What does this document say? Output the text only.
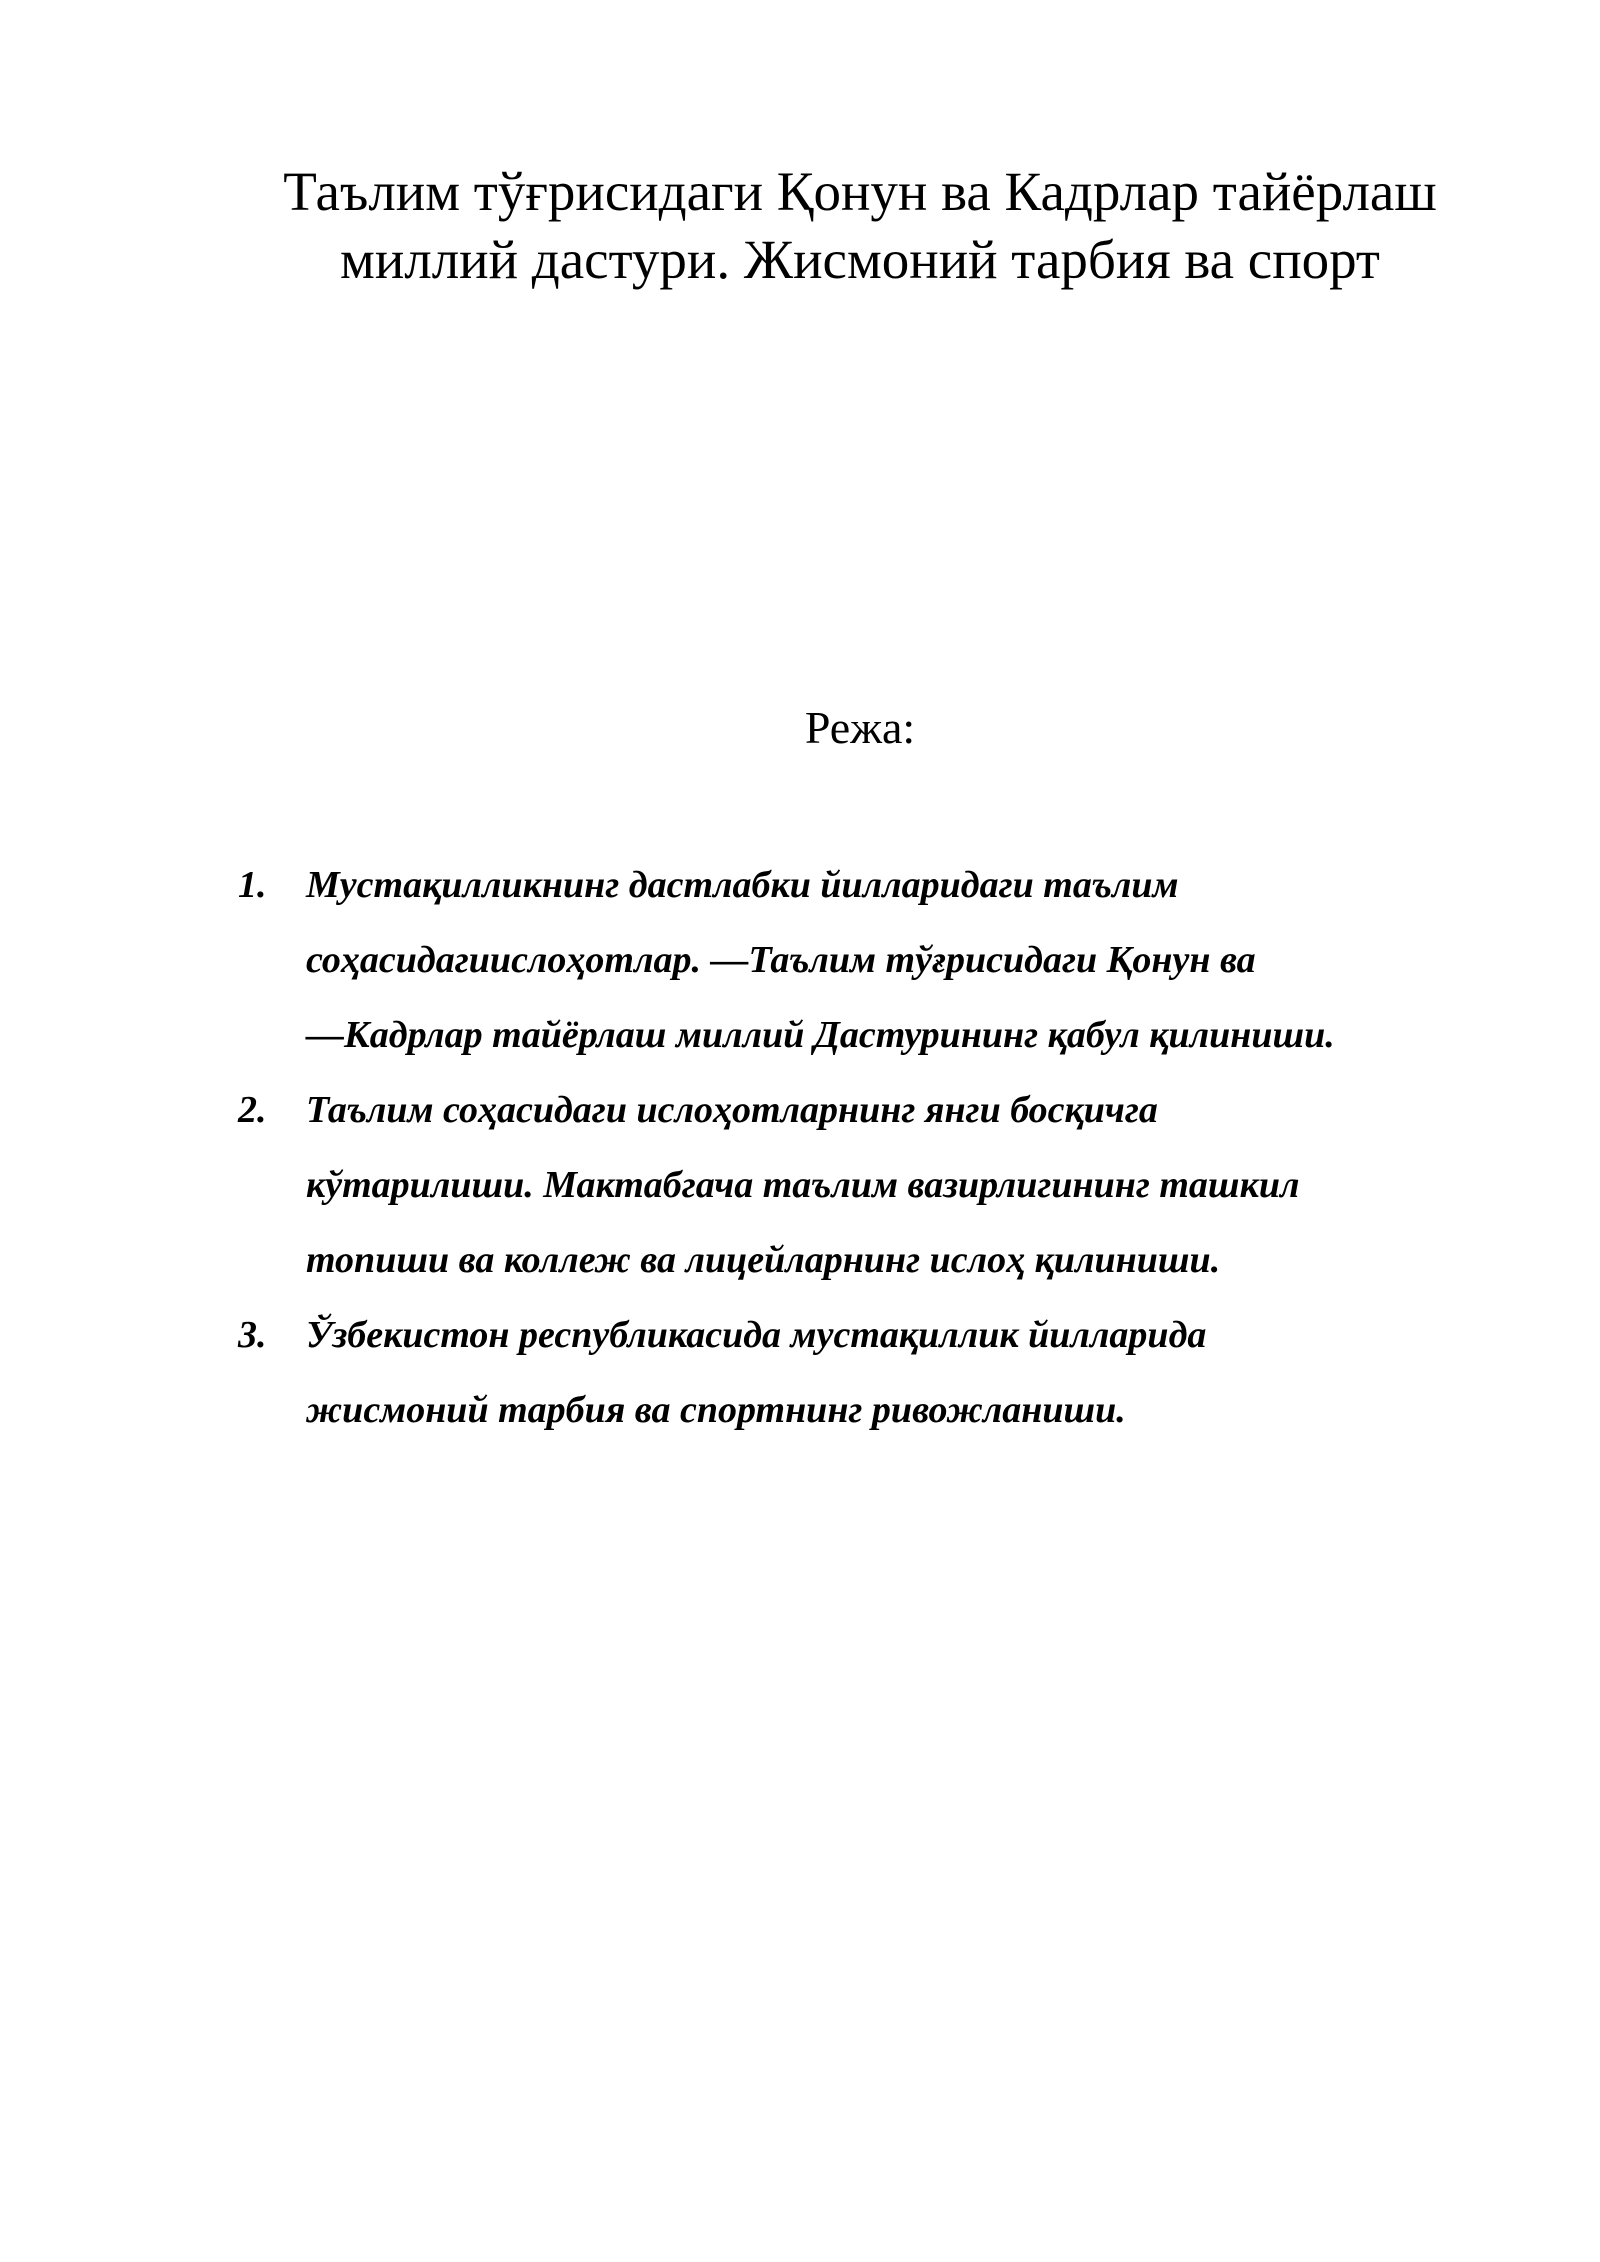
Таълим тўғрисидаги Қонун ва Кадрлар тайёрлаш
миллий дастури. Жисмоний тарбия ва спорт
Режа:
1. Мустақилликнинг дастлабки йилларидаги таълим
соҳасидагиислоҳотлар. ―Таълим тўғрисидаги Қонун ва
―Кадрлар тайёрлаш миллий Дастурининг қабул қилиниши.
2. Таълим соҳасидаги ислоҳотларнинг янги босқичга
кўтарилиши. Мактабгача таълим вазирлигининг ташкил
топиши ва коллеж ва лицейларнинг ислоҳ қилиниши.
3. Ўзбекистон республикасида мустақиллик йилларида
жисмоний тарбия ва спортнинг ривожланиши.
